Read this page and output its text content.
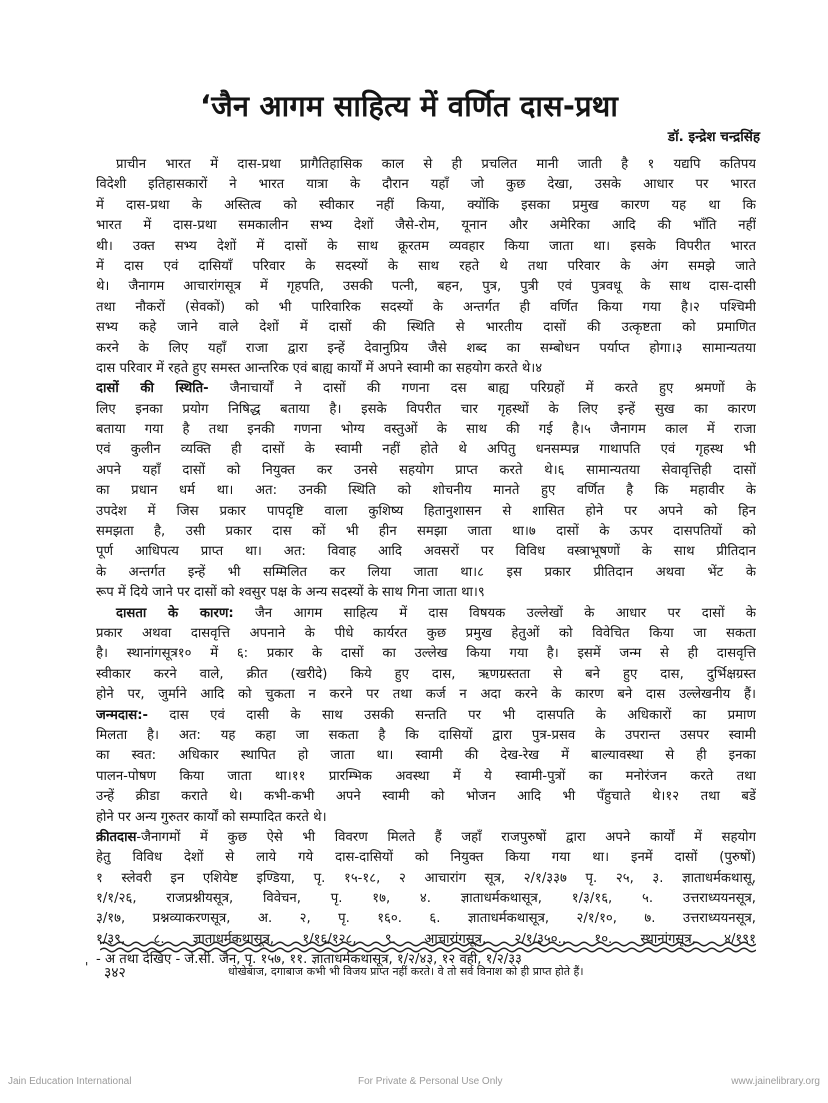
‘जैन आगम साहित्य में वर्णित दास-प्रथा
डॉ. इन्द्रेश चन्द्रसिंह
प्राचीन भारत में दास-प्रथा प्रागैतिहासिक काल से ही प्रचलित मानी जाती है १ यद्यपि कतिपय
विदेशी इतिहासकारों ने भारत यात्रा के दौरान यहाँ जो कुछ देखा, उसके आधार पर भारत
में दास-प्रथा के अस्तित्व को स्वीकार नहीं किया, क्योंकि इसका प्रमुख कारण यह था कि
भारत में दास-प्रथा समकालीन सभ्य देशों जैसे-रोम, यूनान और अमेरिका आदि की भाँति नहीं
थी। उक्त सभ्य देशों में दासों के साथ क्रूरतम व्यवहार किया जाता था। इसके विपरीत भारत
में दास एवं दासियाँ परिवार के सदस्यों के साथ रहते थे तथा परिवार के अंग समझे जाते
थे। जैनागम आचारांगसूत्र में गृहपति, उसकी पत्नी, बहन, पुत्र, पुत्री एवं पुत्रवधू के साथ दास-दासी
तथा नौकरों (सेवकों) को भी पारिवारिक सदस्यों के अन्तर्गत ही वर्णित किया गया है।२ पश्चिमी
सभ्य कहे जाने वाले देशों में दासों की स्थिति से भारतीय दासों की उत्कृष्टता को प्रमाणित
करने के लिए यहाँ राजा द्वारा इन्हें देवानुप्रिय जैसे शब्द का सम्बोधन पर्याप्त होगा।३ सामान्यतया
दास परिवार में रहते हुए समस्त आन्तरिक एवं बाह्य कार्यों में अपने स्वामी का सहयोग करते थे।४
दासों की स्थिति- जैनाचार्यों ने दासों की गणना दस बाह्य परिग्रहों में करते हुए श्रमणों के
लिए इनका प्रयोग निषिद्ध बताया है। इसके विपरीत चार गृहस्थों के लिए इन्हें सुख का कारण
बताया गया है तथा इनकी गणना भोग्य वस्तुओं के साथ की गई है।५ जैनागम काल में राजा
एवं कुलीन व्यक्ति ही दासों के स्वामी नहीं होते थे अपितु धनसम्पन्न गाथापति एवं गृहस्थ भी
अपने यहाँ दासों को नियुक्त कर उनसे सहयोग प्राप्त करते थे।६ सामान्यतया सेवावृत्तिही दासों
का प्रधान धर्म था। अत: उनकी स्थिति को शोचनीय मानते हुए वर्णित है कि महावीर के
उपदेश में जिस प्रकार पापदृष्टि वाला कुशिष्य हितानुशासन से शासित होने पर अपने को हिन
समझता है, उसी प्रकार दास कों भी हीन समझा जाता था।७ दासों के ऊपर दासपतियों को
पूर्ण आधिपत्य प्राप्त था। अत: विवाह आदि अवसरों पर विविध वस्त्राभूषणों के साथ प्रीतिदान
के अन्तर्गत इन्हें भी सम्मिलित कर लिया जाता था।८ इस प्रकार प्रीतिदान अथवा भेंट के
रूप में दिये जाने पर दासों को श्वसुर पक्ष के अन्य सदस्यों के साथ गिना जाता था।९
दासता के कारण: जैन आगम साहित्य में दास विषयक उल्लेखों के आधार पर दासों के
प्रकार अथवा दासवृत्ति अपनाने के पीधे कार्यरत कुछ प्रमुख हेतुओं को विवेचित किया जा सकता
है। स्थानांगसूत्र१० में ६: प्रकार के दासों का उल्लेख किया गया है। इसमें जन्म से ही दासवृत्ति
स्वीकार करने वाले, क्रीत (खरीदे) किये हुए दास, ऋणग्रस्तता से बने हुए दास, दुर्भिक्षग्रस्त
होने पर, जुर्माने आदि को चुकता न करने पर तथा कर्ज न अदा करने के कारण बने दास उल्लेखनीय हैं।
जन्मदास:- दास एवं दासी के साथ उसकी सन्तति पर भी दासपति के अधिकारों का प्रमाण
मिलता है। अत: यह कहा जा सकता है कि दासियों द्वारा पुत्र-प्रसव के उपरान्त उसपर स्वामी
का स्वत: अधिकार स्थापित हो जाता था। स्वामी की देख-रेख में बाल्यावस्था से ही इनका
पालन-पोषण किया जाता था।११ प्रारम्भिक अवस्था में ये स्वामी-पुत्रों का मनोरंजन करते तथा
उन्हें क्रीडा कराते थे। कभी-कभी अपने स्वामी को भोजन आदि भी पँहुचाते थे।१२ तथा बडें
होने पर अन्य गुरुतर कार्यों को सम्पादित करते थे।
क्रीतदास-जैनागमों में कुछ ऐसे भी विवरण मिलते हैं जहाँ राजपुरुषों द्वारा अपने कार्यों में सहयोग
हेतु विविध देशों से लाये गये दास-दासियों को नियुक्त किया गया था। इनमें दासों (पुरुषों)
१ स्लेवरी इन एशियेष्ट इण्डिया, पृ. १५-१८, २ आचारांग सूत्र, २/१/३३७ पृ. २५, ३. ज्ञाताधर्मकथासू,
१/१/२६, राजप्रश्नीयसूत्र, विवेचन, पृ. १७, ४. ज्ञाताधर्मकथासूत्र, १/३/१६, ५. उत्तराध्ययनसूत्र,
३/१७, प्रश्नव्याकरणसूत्र, अ. २, पृ. १६०. ६. ज्ञाताधर्मकथासूत्र, २/१/१०, ७. उत्तराध्ययनसूत्र,
१/३९, ८. ज्ञाताधर्मकथासूत्र, १/१६/१२८, ९. आचारांगसूत्र, २/१/३५०., १०. स्थानांगसूत्र, ४/१९१
- अ तथा देखिए - जे.सी. जैन, पृ. १५७, ११. ज्ञाताधर्मकथासूत्र, १/२/४३, १२ वही, १/२/३३
' ३४२	धोखेबाज, दगाबाज कभी भी विजय प्राप्त नहीं करते। वे तो सर्व विनाश को ही प्राप्त होते हैं।
Jain Education International	For Private & Personal Use Only	www.jainelibrary.org
